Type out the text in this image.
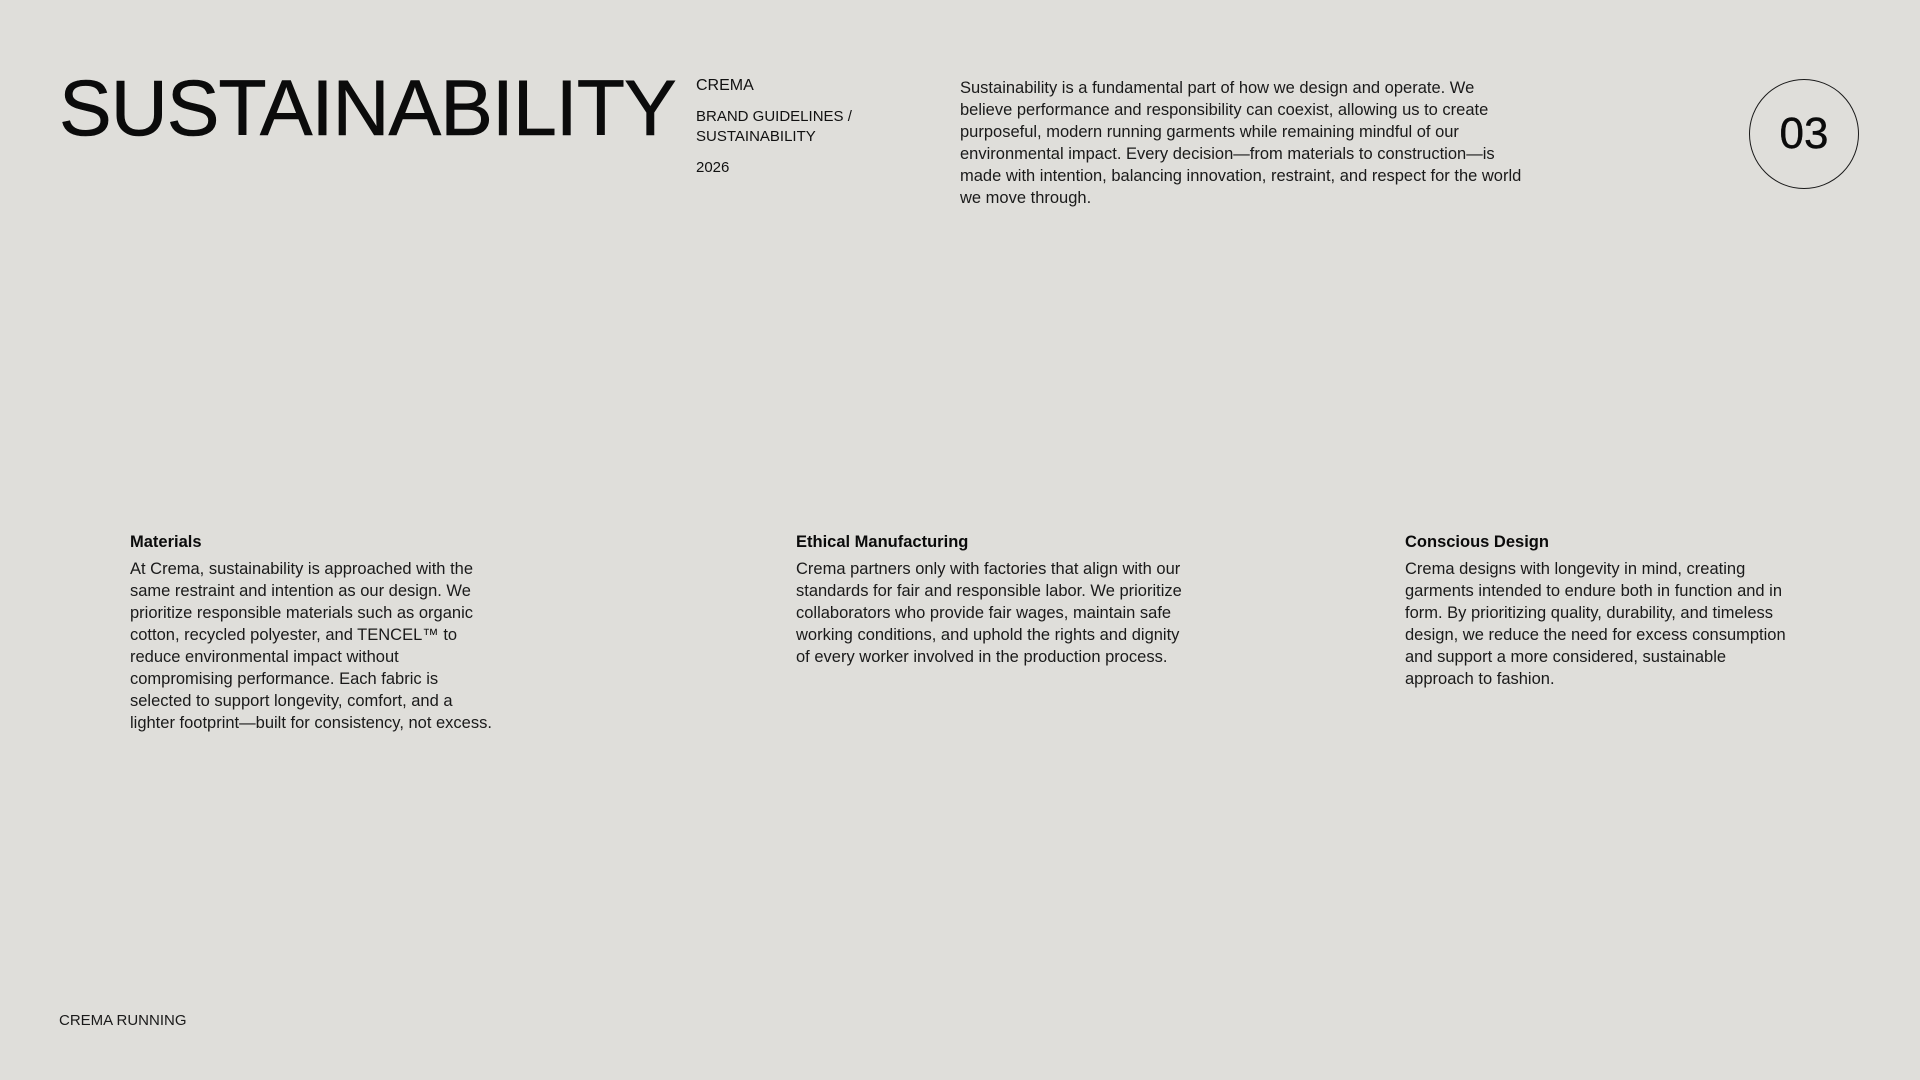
SUSTAINABILITY CREMA

BRAND GUIDELINES / SUSTAINABILITY

2026

Sustainability is a fundamental part of how we design and operate. We believe performance and responsibility can coexist, allowing us to create purposeful, modern running garments while remaining mindful of our environmental impact. Every decision—from materials to construction—is made with intention, balancing innovation, restraint, and respect for the world we move through.

03
Materials

At Crema, sustainability is approached with the same restraint and intention as our design. We prioritize responsible materials such as organic cotton, recycled polyester, and TENCEL™ to reduce environmental impact without compromising performance. Each fabric is selected to support longevity, comfort, and a lighter footprint—built for consistency, not excess.

Ethical Manufacturing

Crema partners only with factories that align with our standards for fair and responsible labor. We prioritize collaborators who provide fair wages, maintain safe working conditions, and uphold the rights and dignity of every worker involved in the production process.

Conscious Design

Crema designs with longevity in mind, creating garments intended to endure both in function and in form. By prioritizing quality, durability, and timeless design, we reduce the need for excess consumption and support a more considered, sustainable approach to fashion.

CREMA RUNNING
